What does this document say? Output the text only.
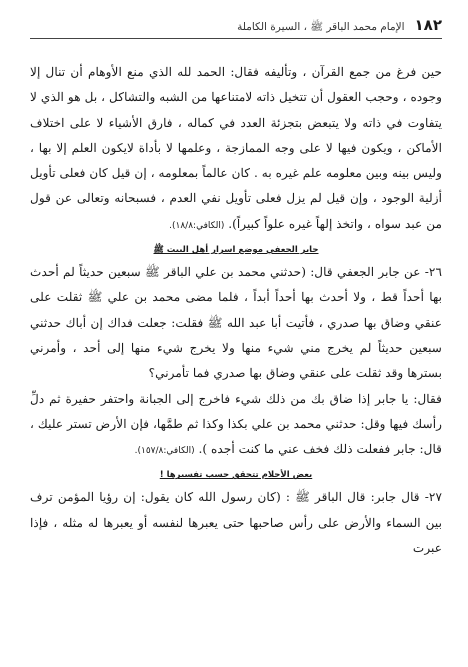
١٨٢
الإمام محمد الباقر ﷺ ، السيرة الكاملة

حين فرغ من جمع القرآن ، وتأليفه فقال: الحمد لله الذي منع الأوهام أن تنال إلا وجوده ، وحجب العقول أن تتخيل ذاته لامتناعها من الشبه والتشاكل ، بل هو الذي لا يتفاوت في ذاته ولا يتبعض بتجزئة العدد في كماله ، فارق الأشياء لا على اختلاف الأماكن ، ويكون فيها لا على وجه الممازجة ، وعلمها لا بأداة لايكون العلم إلا بها ، وليس بينه وبين معلومه علم غيره به . كان عالماً بمعلومه ، إن قيل كان فعلى تأويل أزلية الوجود ، وإن قيل لم يزل فعلى تأويل نفي العدم ، فسبحانه وتعالى عن قول من عبد سواه ، واتخذ إلهاً غيره علواً كبيراً). (الكافي:١٨/٨).

جابر الجعفي موضع اسرار أهل البيت ﷺ

٢٦- عن جابر الجعفي قال: (حدثني محمد بن علي الباقر ﷺ سبعين حديثاً لم أحدث بها أحداً قط ، ولا أحدث بها أحداً أبداً ، فلما مضى محمد بن علي ﷺ ثقلت على عنقي وضاق بها صدري ، فأتيت أبا عبد الله ﷺ فقلت: جعلت فداك إن أباك حدثني سبعين حديثاً لم يخرج مني شيء منها ولا يخرج شيء منها إلى أحد ، وأمرني بسترها وقد ثقلت على عنقي وضاق بها صدري فما تأمرني؟

فقال: يا جابر إذا ضاق بك من ذلك شيء فاخرج إلى الجبانة واحتفر حفيرة ثم دلِّ رأسك فيها وقل: حدثني محمد بن علي بكذا وكذا ثم طمَّها، فإن الأرض تستر عليك ، قال: جابر ففعلت ذلك فخف عني ما كنت أجده ). (الكافي:١٥٧/٨).

بعض الأحلام تتحقق حسب تفسيرها !

٢٧- قال جابر: قال الباقر ﷺ : (كان رسول الله كان يقول: إن رؤيا المؤمن ترف بين السماء والأرض على رأس صاحبها حتى يعبرها لنفسه أو يعبرها له مثله ، فإذا عبرت
